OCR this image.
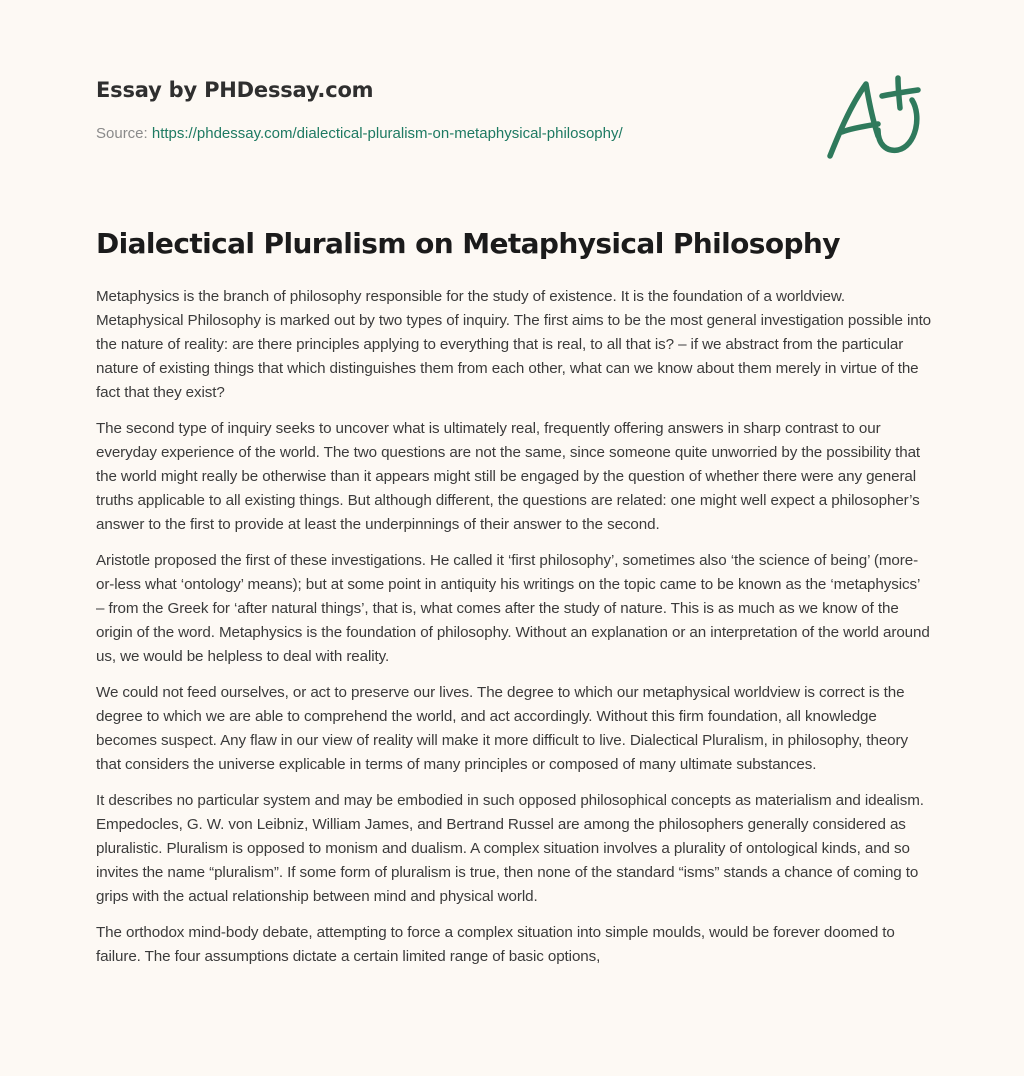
Essay by PHDessay.com
Source: https://phdessay.com/dialectical-pluralism-on-metaphysical-philosophy/
Dialectical Pluralism on Metaphysical Philosophy

Metaphysics is the branch of philosophy responsible for the study of existence. It is the foundation of a worldview. Metaphysical Philosophy is marked out by two types of inquiry. The first aims to be the most general investigation possible into the nature of reality: are there principles applying to everything that is real, to all that is? – if we abstract from the particular nature of existing things that which distinguishes them from each other, what can we know about them merely in virtue of the fact that they exist?

The second type of inquiry seeks to uncover what is ultimately real, frequently offering answers in sharp contrast to our everyday experience of the world. The two questions are not the same, since someone quite unworried by the possibility that the world might really be otherwise than it appears might still be engaged by the question of whether there were any general truths applicable to all existing things. But although different, the questions are related: one might well expect a philosopher’s answer to the first to provide at least the underpinnings of their answer to the second.

Aristotle proposed the first of these investigations. He called it ‘first philosophy’, sometimes also ‘the science of being’ (more-or-less what ‘ontology’ means); but at some point in antiquity his writings on the topic came to be known as the ‘metaphysics’ – from the Greek for ‘after natural things’, that is, what comes after the study of nature. This is as much as we know of the origin of the word. Metaphysics is the foundation of philosophy. Without an explanation or an interpretation of the world around us, we would be helpless to deal with reality.

We could not feed ourselves, or act to preserve our lives. The degree to which our metaphysical worldview is correct is the degree to which we are able to comprehend the world, and act accordingly. Without this firm foundation, all knowledge becomes suspect. Any flaw in our view of reality will make it more difficult to live. Dialectical Pluralism, in philosophy, theory that considers the universe explicable in terms of many principles or composed of many ultimate substances.

It describes no particular system and may be embodied in such opposed philosophical concepts as materialism and idealism. Empedocles, G. W. von Leibniz, William James, and Bertrand Russel are among the philosophers generally considered as pluralistic. Pluralism is opposed to monism and dualism. A complex situation involves a plurality of ontological kinds, and so invites the name “pluralism”. If some form of pluralism is true, then none of the standard “isms” stands a chance of coming to grips with the actual relationship between mind and physical world.

The orthodox mind-body debate, attempting to force a complex situation into simple moulds, would be forever doomed to failure. The four assumptions dictate a certain limited range of basic options,
